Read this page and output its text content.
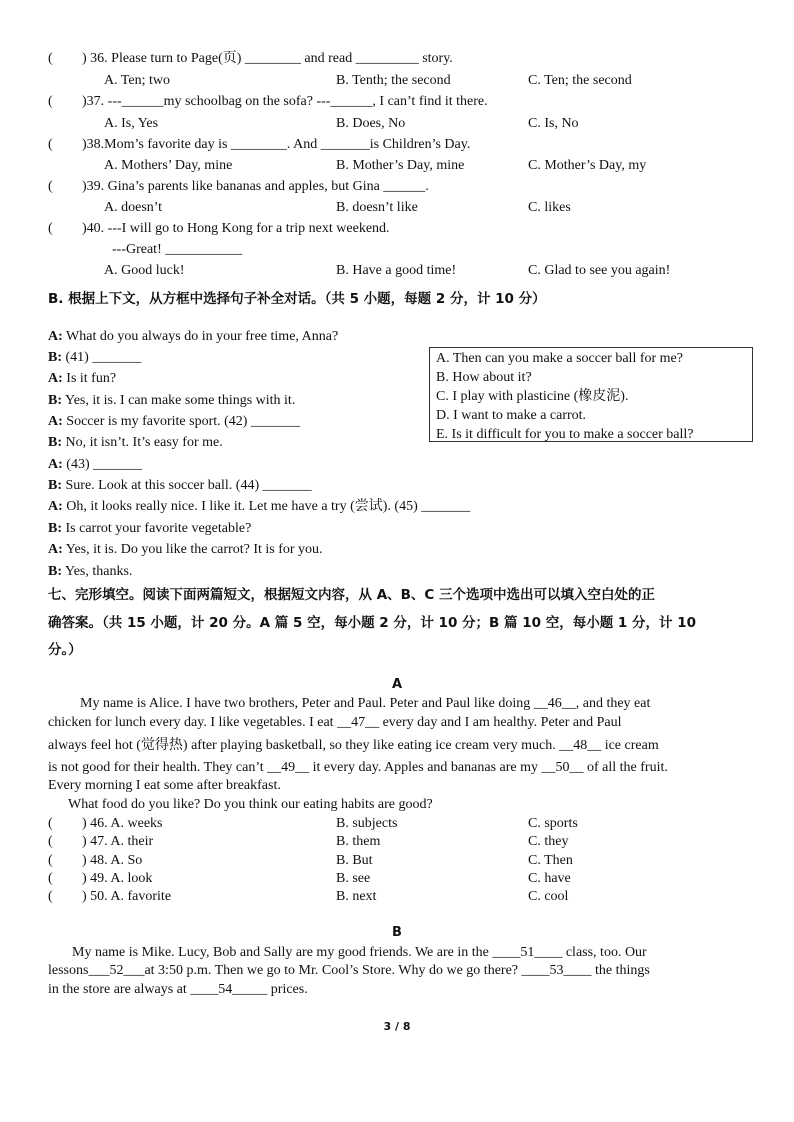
( ) 36. Please turn to Page(页) ________ and read _________ story.
A. Ten; two	B. Tenth; the second	C. Ten; the second
( )37. ---______my schoolbag on the sofa? ---______, I can’t find it there.
A. Is, Yes	B. Does, No	C. Is, No
( )38.Mom’s favorite day is ________. And _______is Children’s Day.
A. Mothers’ Day, mine	B. Mother’s Day, mine	C. Mother’s Day, my
( )39. Gina’s parents like bananas and apples, but Gina ______.
A. doesn’t	B. doesn’t like	C. likes
( )40. ---I will go to Hong Kong for a trip next weekend.
---Great! ___________
A. Good luck!	B. Have a good time!	C. Glad to see you again!
B. 根据上下文，从方框中选择句子补全对话。（共 5 小题，每题 2 分，计 10 分）
A: What do you always do in your free time, Anna?
B: (41) _______
A: Is it fun?
B: Yes, it is. I can make some things with it.
A: Soccer is my favorite sport. (42) _______
B: No, it isn’t. It’s easy for me.
A: (43) _______
B: Sure. Look at this soccer ball. (44) _______
A: Oh, it looks really nice. I like it. Let me have a try (尝试). (45) _______
B: Is carrot your favorite vegetable?
A: Yes, it is. Do you like the carrot? It is for you.
B: Yes, thanks.
A. Then can you make a soccer ball for me?
B. How about it?
C. I play with plasticine (橡皮泥).
D. I want to make a carrot.
E. Is it difficult for you to make a soccer ball?
七、完形填空。阅读下面两篇短文，根据短文内容，从 A、B、C 三个选项中选出可以填入空白处的正
确答案。（共 15 小题，计 20 分。A 篇 5 空，每小题 2 分，计 10 分；B 篇 10 空，每小题 1 分，计 10
分。）
A
My name is Alice. I have two brothers, Peter and Paul. Peter and Paul like doing __46__, and they eat
chicken for lunch every day. I like vegetables. I eat __47__ every day and I am healthy. Peter and Paul
always feel hot (觉得热) after playing basketball, so they like eating ice cream very much. __48__ ice cream
is not good for their health. They can’t __49__ it every day. Apples and bananas are my __50__ of all the fruit.
Every morning I eat some after breakfast.
What food do you like? Do you think our eating habits are good?
( ) 46. A. weeks	B. subjects	C. sports
( ) 47. A. their	B. them	C. they
( ) 48. A. So	B. But	C. Then
( ) 49. A. look	B. see	C. have
( ) 50. A. favorite	B. next	C. cool
B
My name is Mike. Lucy, Bob and Sally are my good friends. We are in the ____51____ class, too. Our
lessons___52___at 3:50 p.m. Then we go to Mr. Cool’s Store. Why do we go there? ____53____ the things
in the store are always at ____54_____ prices.
3 / 8
